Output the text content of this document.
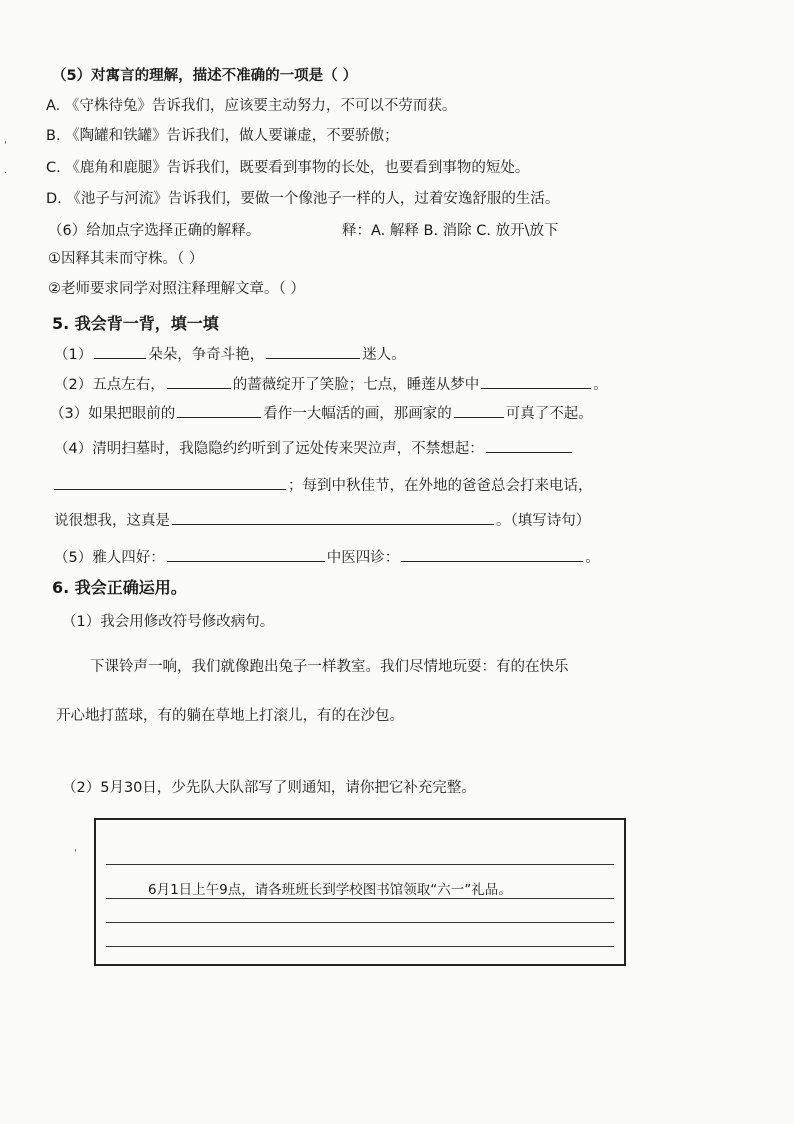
（5）对寓言的理解，描述不准确的一项是（ ）
A. 《守株待兔》告诉我们，应该要主动努力，不可以不劳而获。
B. 《陶罐和铁罐》告诉我们，做人要谦虚，不要骄傲；
C. 《鹿角和鹿腿》告诉我们，既要看到事物的长处，也要看到事物的短处。
D. 《池子与河流》告诉我们，要做一个像池子一样的人，过着安逸舒服的生活。
（6）给加点字选择正确的解释。	释：A. 解释 B. 消除 C. 放开\放下
①因释其耒而守株。（ ）
②老师要求同学对照注释理解文章。（ ）
5. 我会背一背，填一填
（1）	朵朵，争奇斗艳，	迷人。
（2）五点左右，	的蔷薇绽开了笑脸；七点，睡莲从梦中	。
（3）如果把眼前的	看作一大幅活的画，那画家的	可真了不起。
（4）清明扫墓时，我隐隐约约听到了远处传来哭泣声，不禁想起：
；每到中秋佳节，在外地的爸爸总会打来电话，
说很想我，这真是	。（填写诗句）
（5）雅人四好：	中医四诊：	。
6. 我会正确运用。
（1）我会用修改符号修改病句。
下课铃声一响，我们就像跑出兔子一样教室。我们尽情地玩耍：有的在快乐
开心地打蓝球，有的躺在草地上打滚儿，有的在沙包。
（2）5月30日，少先队大队部写了则通知，请你把它补充完整。
6月1日上午9点，请各班班长到学校图书馆领取“六一”礼品。
'
·
'
